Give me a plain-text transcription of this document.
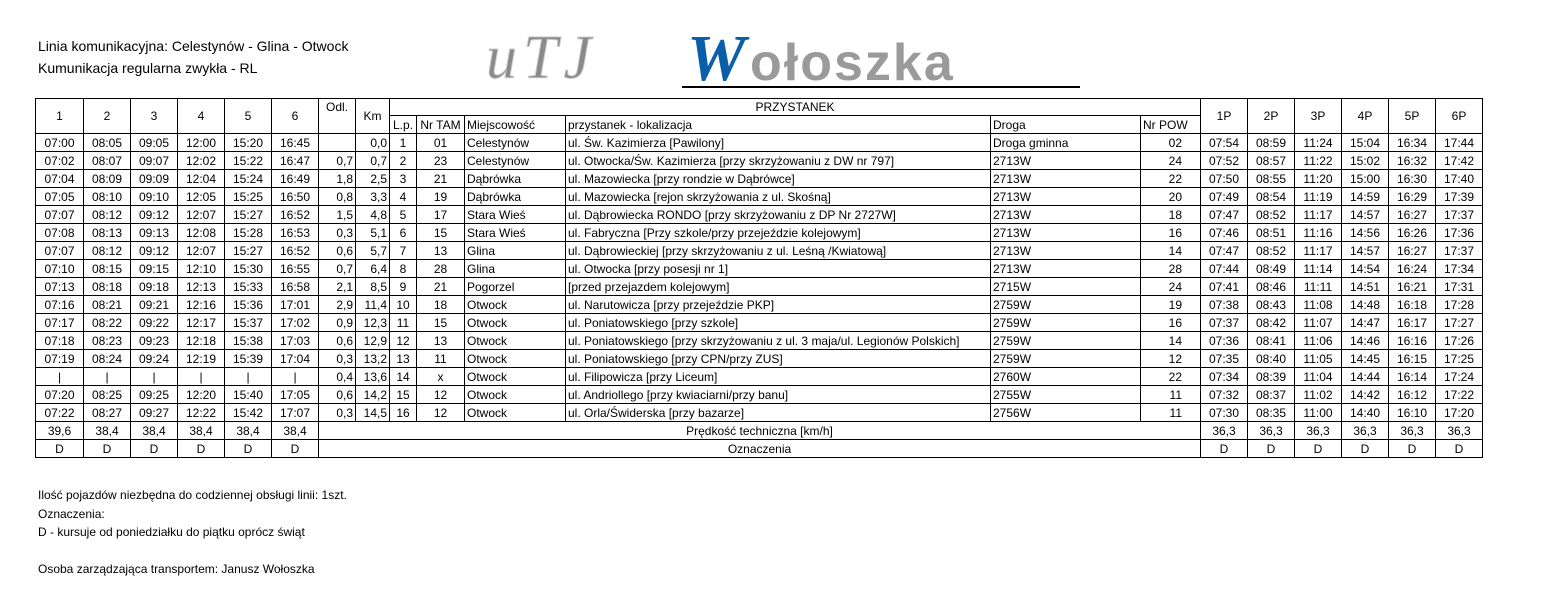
Linia komunikacyjna: Celestynów - Glina - Otwock
Kumunikacja regularna zwykła - RL	uTJ W ołoszka
1	2	3	4	5	6	Odl.	Km	PRZYSTANEK						1P	2P	3P	4P	5P	6P
								L.p.	Nr TAM	Miejscowość	przystanek - lokalizacja	Droga	Nr POW						
07:00	08:05	09:05	12:00	15:20	16:45		0,0	1	01	Celestynów	ul. Św. Kazimierza [Pawilony]	Droga gminna	02	07:54	08:59	11:24	15:04	16:34	17:44
07:02	08:07	09:07	12:02	15:22	16:47	0,7	0,7	2	23	Celestynów	ul. Otwocka/Św. Kazimierza [przy skrzyżowaniu z DW nr 797]	2713W	24	07:52	08:57	11:22	15:02	16:32	17:42
07:04	08:09	09:09	12:04	15:24	16:49	1,8	2,5	3	21	Dąbrówka	ul. Mazowiecka [przy rondzie w Dąbrówce]	2713W	22	07:50	08:55	11:20	15:00	16:30	17:40
07:05	08:10	09:10	12:05	15:25	16:50	0,8	3,3	4	19	Dąbrówka	ul. Mazowiecka [rejon skrzyżowania z ul. Skośną]	2713W	20	07:49	08:54	11:19	14:59	16:29	17:39
07:07	08:12	09:12	12:07	15:27	16:52	1,5	4,8	5	17	Stara Wieś	ul. Dąbrowiecka RONDO [przy skrzyżowaniu z DP Nr 2727W]	2713W	18	07:47	08:52	11:17	14:57	16:27	17:37
07:08	08:13	09:13	12:08	15:28	16:53	0,3	5,1	6	15	Stara Wieś	ul. Fabryczna [Przy szkole/przy przejeździe kolejowym]	2713W	16	07:46	08:51	11:16	14:56	16:26	17:36
07:07	08:12	09:12	12:07	15:27	16:52	0,6	5,7	7	13	Glina	ul. Dąbrowieckiej [przy skrzyżowaniu z ul. Leśną /Kwiatową]	2713W	14	07:47	08:52	11:17	14:57	16:27	17:37
07:10	08:15	09:15	12:10	15:30	16:55	0,7	6,4	8	28	Glina	ul. Otwocka [przy posesji nr 1]	2713W	28	07:44	08:49	11:14	14:54	16:24	17:34
07:13	08:18	09:18	12:13	15:33	16:58	2,1	8,5	9	21	Pogorzel	[przed przejazdem kolejowym]	2715W	24	07:41	08:46	11:11	14:51	16:21	17:31
07:16	08:21	09:21	12:16	15:36	17:01	2,9	11,4	10	18	Otwock	ul. Narutowicza [przy przejeździe PKP]	2759W	19	07:38	08:43	11:08	14:48	16:18	17:28
07:17	08:22	09:22	12:17	15:37	17:02	0,9	12,3	11	15	Otwock	ul. Poniatowskiego [przy szkole]	2759W	16	07:37	08:42	11:07	14:47	16:17	17:27
07:18	08:23	09:23	12:18	15:38	17:03	0,6	12,9	12	13	Otwock	ul. Poniatowskiego [przy skrzyżowaniu z ul. 3 maja/ul. Legionów Polskich]	2759W	14	07:36	08:41	11:06	14:46	16:16	17:26
07:19	08:24	09:24	12:19	15:39	17:04	0,3	13,2	13	11	Otwock	ul. Poniatowskiego [przy CPN/przy ZUS]	2759W	12	07:35	08:40	11:05	14:45	16:15	17:25
|	|	|	|	|	|	0,4	13,6	14	x	Otwock	ul. Filipowicza [przy Liceum]	2760W	22	07:34	08:39	11:04	14:44	16:14	17:24
07:20	08:25	09:25	12:20	15:40	17:05	0,6	14,2	15	12	Otwock	ul. Andriollego [przy kwiaciarni/przy banu]	2755W	11	07:32	08:37	11:02	14:42	16:12	17:22
07:22	08:27	09:27	12:22	15:42	17:07	0,3	14,5	16	12	Otwock	ul. Orla/Świderska [przy bazarze]	2756W	11	07:30	08:35	11:00	14:40	16:10	17:20
39,6	38,4	38,4	38,4	38,4	38,4	Prędkość techniczna [km/h]								36,3	36,3	36,3	36,3	36,3	36,3
D	D	D	D	D	D	Oznaczenia								D	D	D	D	D	D
Ilość pojazdów niezbędna do codziennej obsługi linii: 1szt.
Oznaczenia:
D - kursuje od poniedziałku do piątku oprócz świąt
Osoba zarządzająca transportem: Janusz Wołoszka
